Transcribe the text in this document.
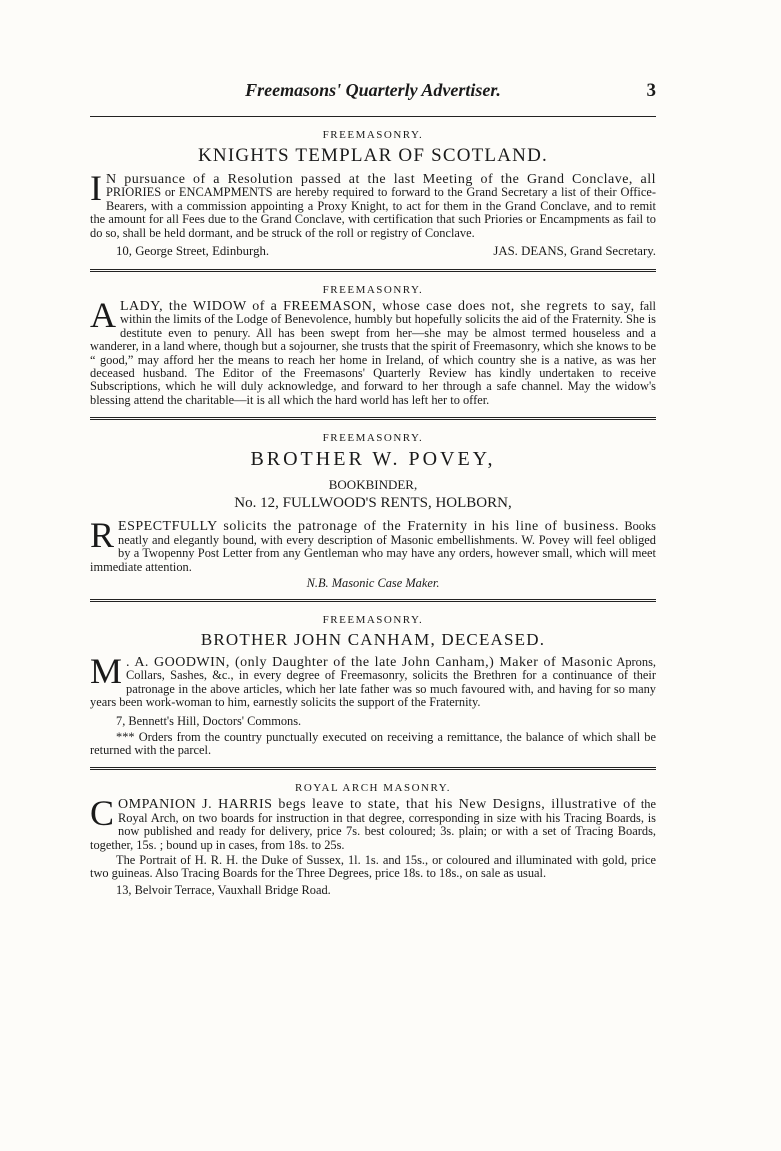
Freemasons' Quarterly Advertiser.	3
FREEMASONRY.
KNIGHTS TEMPLAR OF SCOTLAND.

I N pursuance of a Resolution passed at the last Meeting of the Grand Conclave, all PRIORIES or ENCAMPMENTS are hereby required to forward to the Grand Secretary a list of their Office-Bearers, with a commission appointing a Proxy Knight, to act for them in the Grand Conclave, and to remit the amount for all Fees due to the Grand Conclave, with certification that such Priories or Encampments as fail to do so, shall be held dormant, and be struck of the roll or registry of Conclave.

10, George Street, Edinburgh.	JAS. DEANS, Grand Secretary.
FREEMASONRY.

ALADY, the WIDOW of a FREEMASON, whose case does not, she regrets to say, fall within the limits of the Lodge of Benevolence, humbly but hopefully solicits the aid of the Fraternity. She is destitute even to penury. All has been swept from her—she may be almost termed houseless and a wanderer, in a land where, though but a sojourner, she trusts that the spirit of Freemasonry, which she knows to be “ good,” may afford her the means to reach her home in Ireland, of which country she is a native, as was her deceased husband. The Editor of the Freemasons' Quarterly Review has kindly undertaken to receive Subscriptions, which he will duly acknowledge, and forward to her through a safe channel. May the widow's blessing attend the charitable—it is all which the hard world has left her to offer.

FREEMASONRY.
BROTHER W. POVEY,
BOOKBINDER,
No. 12, FULLWOOD'S RENTS, HOLBORN,

RESPECTFULLY solicits the patronage of the Fraternity in his line of business. Books neatly and elegantly bound, with every description of Masonic embellishments. W. Povey will feel obliged by a Twopenny Post Letter from any Gentleman who may have any orders, however small, which will meet immediate attention.

N.B. Masonic Case Maker.
FREEMASONRY.
BROTHER JOHN CANHAM, DECEASED.

M . A. GOODWIN, (only Daughter of the late John Canham,) Maker of Masonic Aprons, Collars, Sashes, &c., in every degree of Freemasonry, solicits the Brethren for a continuance of their patronage in the above articles, which her late father was so much favoured with, and having for so many years been work-woman to him, earnestly solicits the support of the Fraternity.

7, Bennett's Hill, Doctors' Commons.

*** Orders from the country punctually executed on receiving a remittance, the balance of which shall be returned with the parcel.

ROYAL ARCH MASONRY.

COMPANION J. HARRIS begs leave to state, that his New Designs, illustrative of the Royal Arch, on two boards for instruction in that degree, corresponding in size with his Tracing Boards, is now published and ready for delivery, price 7s. best coloured; 3s. plain; or with a set of Tracing Boards, together, 15s. ; bound up in cases, from 18s. to 25s.

The Portrait of H. R. H. the Duke of Sussex, 1l. 1s. and 15s., or coloured and illuminated with gold, price two guineas. Also Tracing Boards for the Three Degrees, price 18s. to 18s., on sale as usual.

13, Belvoir Terrace, Vauxhall Bridge Road.
